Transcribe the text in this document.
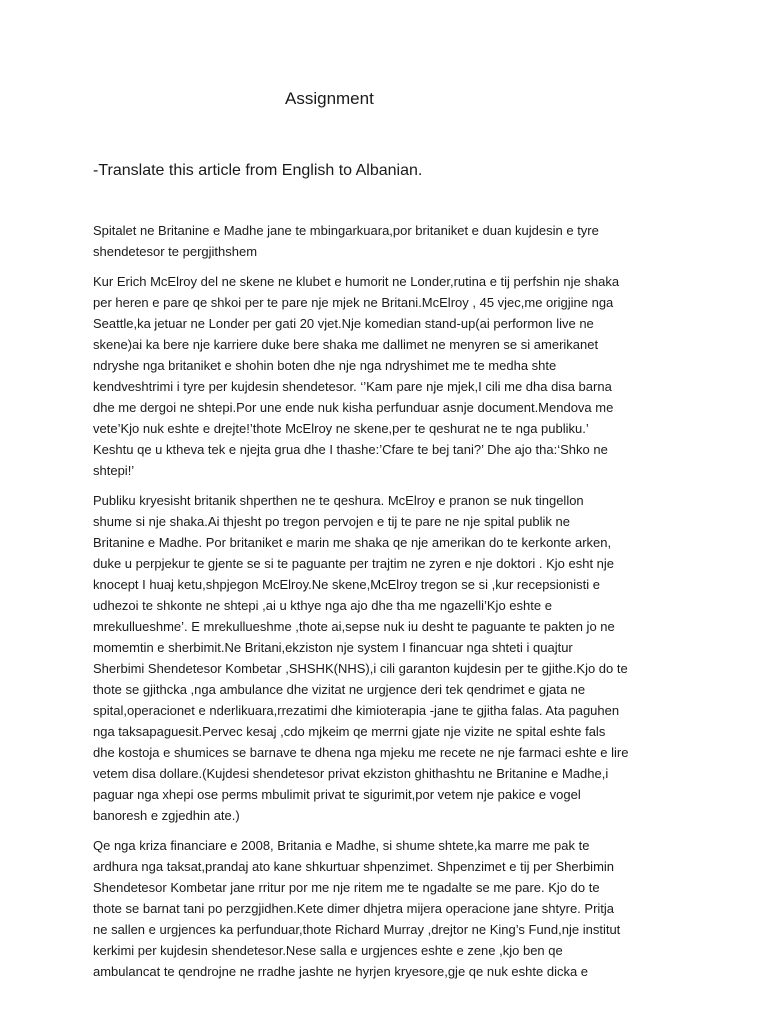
Assignment
-Translate this article from English to Albanian.
Spitalet ne Britanine e Madhe jane te mbingarkuara,por britaniket e duan kujdesin e tyre
shendetesor te pergjithshem
Kur Erich McElroy del ne skene ne klubet e humorit ne Londer,rutina e tij perfshin nje shaka
per heren e pare qe shkoi per te pare nje mjek ne Britani.McElroy , 45 vjec,me origjine nga
Seattle,ka jetuar ne Londer per gati 20 vjet.Nje komedian stand-up(ai performon live ne
skene)ai ka bere nje karriere duke bere shaka me dallimet ne menyren se si amerikanet
ndryshe nga britaniket e shohin boten dhe nje nga ndryshimet me te medha shte
kendveshtrimi i tyre per kujdesin shendetesor. ‘’Kam pare nje mjek,I cili me dha disa barna
dhe me dergoi ne shtepi.Por une ende nuk kisha perfunduar asnje document.Mendova me
vete’Kjo nuk eshte e drejte!’thote McElroy ne skene,per te qeshurat ne te nga publiku.’
Keshtu qe u ktheva tek e njejta grua dhe I thashe:’Cfare te bej tani?’ Dhe ajo tha:‘Shko ne
shtepi!’
Publiku kryesisht britanik shperthen ne te qeshura. McElroy e pranon se nuk tingellon
shume si nje shaka.Ai thjesht po tregon pervojen e tij te pare ne nje spital publik ne
Britanine e Madhe. Por britaniket e marin me shaka qe nje amerikan do te kerkonte arken,
duke u perpjekur te gjente se si te paguante per trajtim ne zyren e nje doktori . Kjo esht nje
knocept I huaj ketu,shpjegon McElroy.Ne skene,McElroy tregon se si ,kur recepsionisti e
udhezoi te shkonte ne shtepi ,ai u kthye nga ajo dhe tha me ngazelli’Kjo eshte e
mrekullueshme’. E mrekullueshme ,thote ai,sepse nuk iu desht te paguante te pakten jo ne
momemtin e sherbimit.Ne Britani,ekziston nje system I financuar nga shteti i quajtur
Sherbimi Shendetesor Kombetar ,SHSHK(NHS),i cili garanton kujdesin per te gjithe.Kjo do te
thote se gjithcka ,nga ambulance dhe vizitat ne urgjence deri tek qendrimet e gjata ne
spital,operacionet e nderlikuara,rrezatimi dhe kimioterapia -jane te gjitha falas. Ata paguhen
nga taksapaguesit.Pervec kesaj ,cdo mjkeim qe merrni gjate nje vizite ne spital eshte fals
dhe kostoja e shumices se barnave te dhena nga mjeku me recete ne nje farmaci eshte e lire
vetem disa dollare.(Kujdesi shendetesor privat ekziston ghithashtu ne Britanine e Madhe,i
paguar nga xhepi ose perms mbulimit privat te sigurimit,por vetem nje pakice e vogel
banoresh e zgjedhin ate.)
Qe nga kriza financiare e 2008, Britania e Madhe, si shume shtete,ka marre me pak te
ardhura nga taksat,prandaj ato kane shkurtuar shpenzimet. Shpenzimet e tij per Sherbimin
Shendetesor Kombetar jane rritur por me nje ritem me te ngadalte se me pare. Kjo do te
thote se barnat tani po perzgjidhen.Kete dimer dhjetra mijera operacione jane shtyre. Pritja
ne sallen e urgjences ka perfunduar,thote Richard Murray ,drejtor ne King’s Fund,nje institut
kerkimi per kujdesin shendetesor.Nese salla e urgjences eshte e zene ,kjo ben qe
ambulancat te qendrojne ne rradhe jashte ne hyrjen kryesore,gje qe nuk eshte dicka e
